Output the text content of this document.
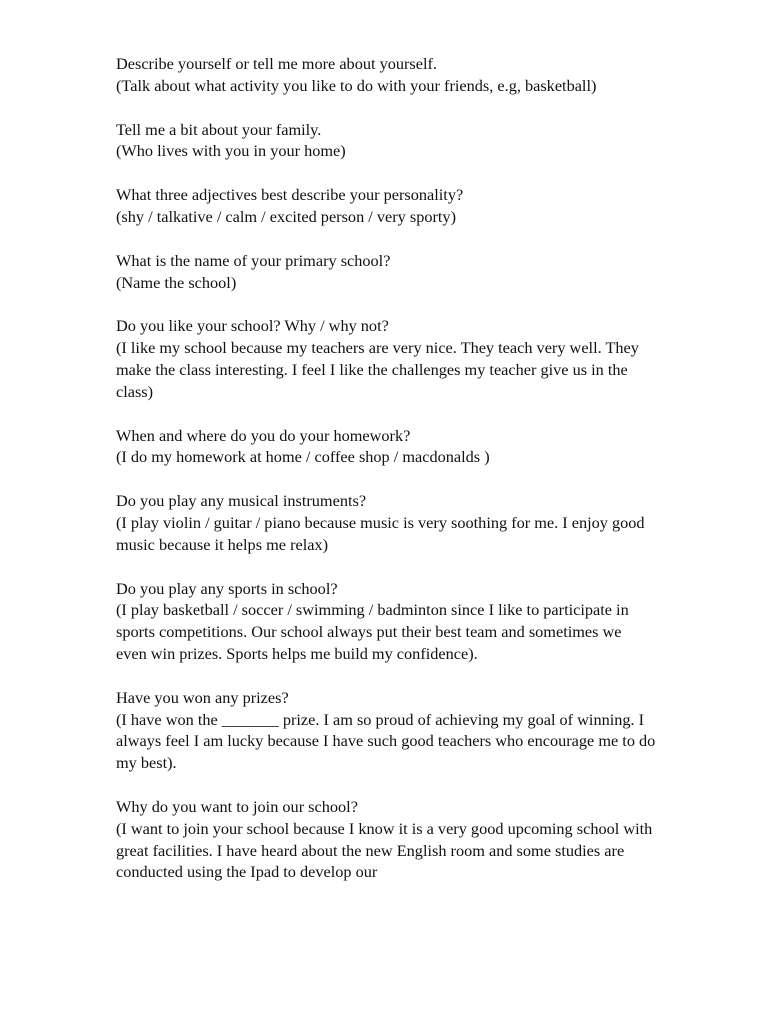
Describe yourself or tell me more about yourself.

(Talk about what activity you like to do with your friends, e.g, basketball)

Tell me a bit about your family.

(Who lives with you in your home)

What three adjectives best describe your personality?

(shy / talkative / calm / excited person / very sporty)

What is the name of your primary school?

(Name the school)

Do you like your school? Why / why not?

(I like my school because my teachers are very nice. They teach very well. They make the class interesting. I feel I like the challenges my teacher give us in the class)

When and where do you do your homework?

(I do my homework at home / coffee shop / macdonalds )

Do you play any musical instruments?

(I play violin / guitar / piano because music is very soothing for me. I enjoy good music because it helps me relax)

Do you play any sports in school?

(I play basketball / soccer / swimming / badminton since I like to participate in sports competitions. Our school always put their best team and sometimes we even win prizes. Sports helps me build my confidence).

Have you won any prizes?

(I have won the _______ prize. I am so proud of achieving my goal of winning. I always feel I am lucky because I have such good teachers who encourage me to do my best).

Why do you want to join our school?

(I want to join your school because I know it is a very good upcoming school with great facilities. I have heard about the new English room and some studies are conducted using the Ipad to develop our
